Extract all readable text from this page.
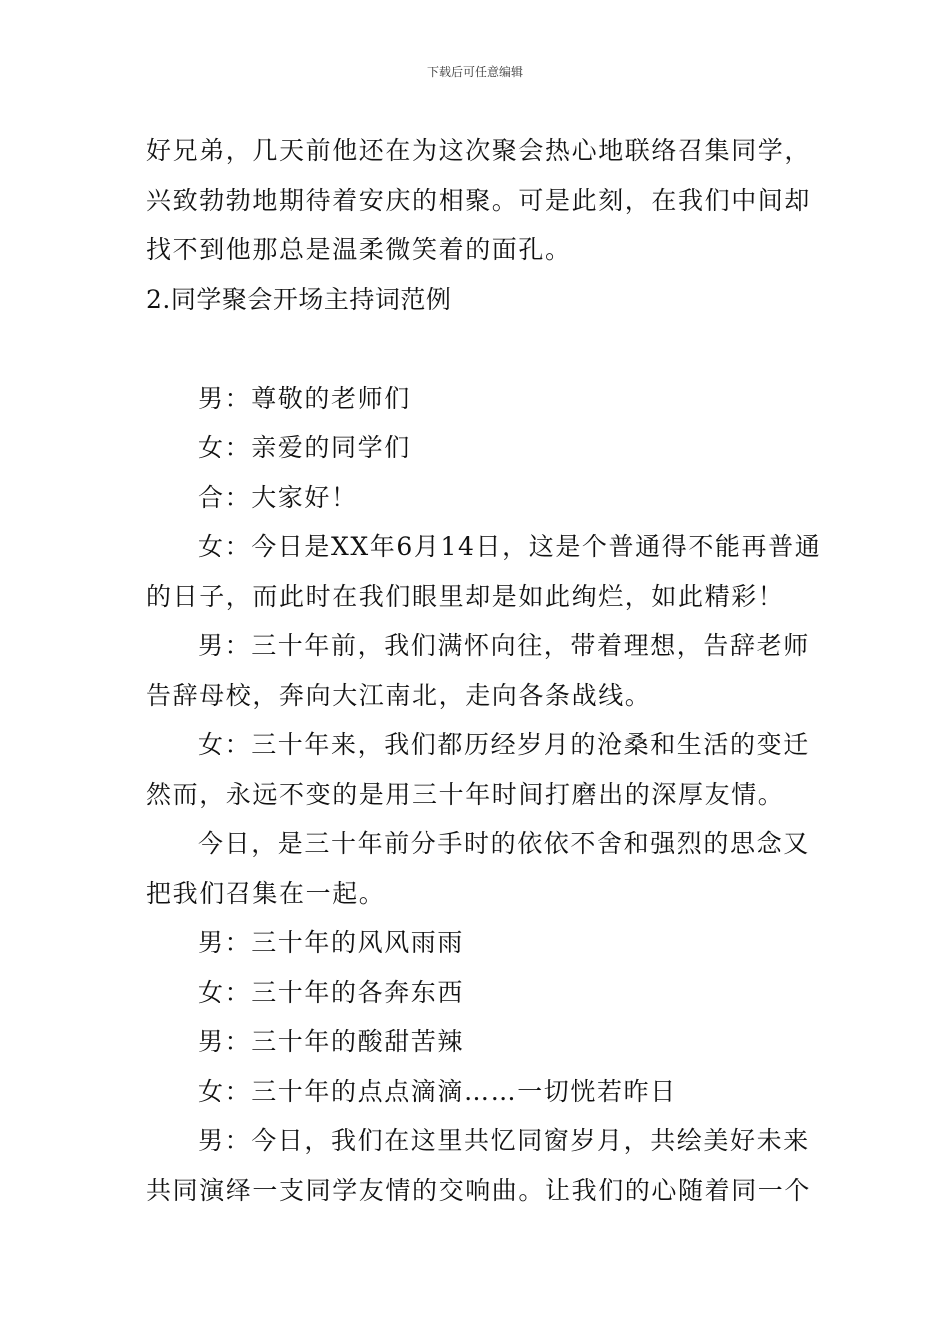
下载后可任意编辑
好兄弟，几天前他还在为这次聚会热心地联络召集同学，
兴致勃勃地期待着安庆的相聚。可是此刻，在我们中间却
找不到他那总是温柔微笑着的面孔。
2.同学聚会开场主持词范例
男：尊敬的老师们
女：亲爱的同学们
合：大家好！
女：今日是XX年6月14日，这是个普通得不能再普通
的日子，而此时在我们眼里却是如此绚烂，如此精彩！
男：三十年前，我们满怀向往，带着理想，告辞老师
告辞母校，奔向大江南北，走向各条战线。
女：三十年来，我们都历经岁月的沧桑和生活的变迁
然而，永远不变的是用三十年时间打磨出的深厚友情。
今日，是三十年前分手时的依依不舍和强烈的思念又
把我们召集在一起。
男：三十年的风风雨雨
女：三十年的各奔东西
男：三十年的酸甜苦辣
女：三十年的点点滴滴……一切恍若昨日
男：今日，我们在这里共忆同窗岁月，共绘美好未来
共同演绎一支同学友情的交响曲。让我们的心随着同一个
